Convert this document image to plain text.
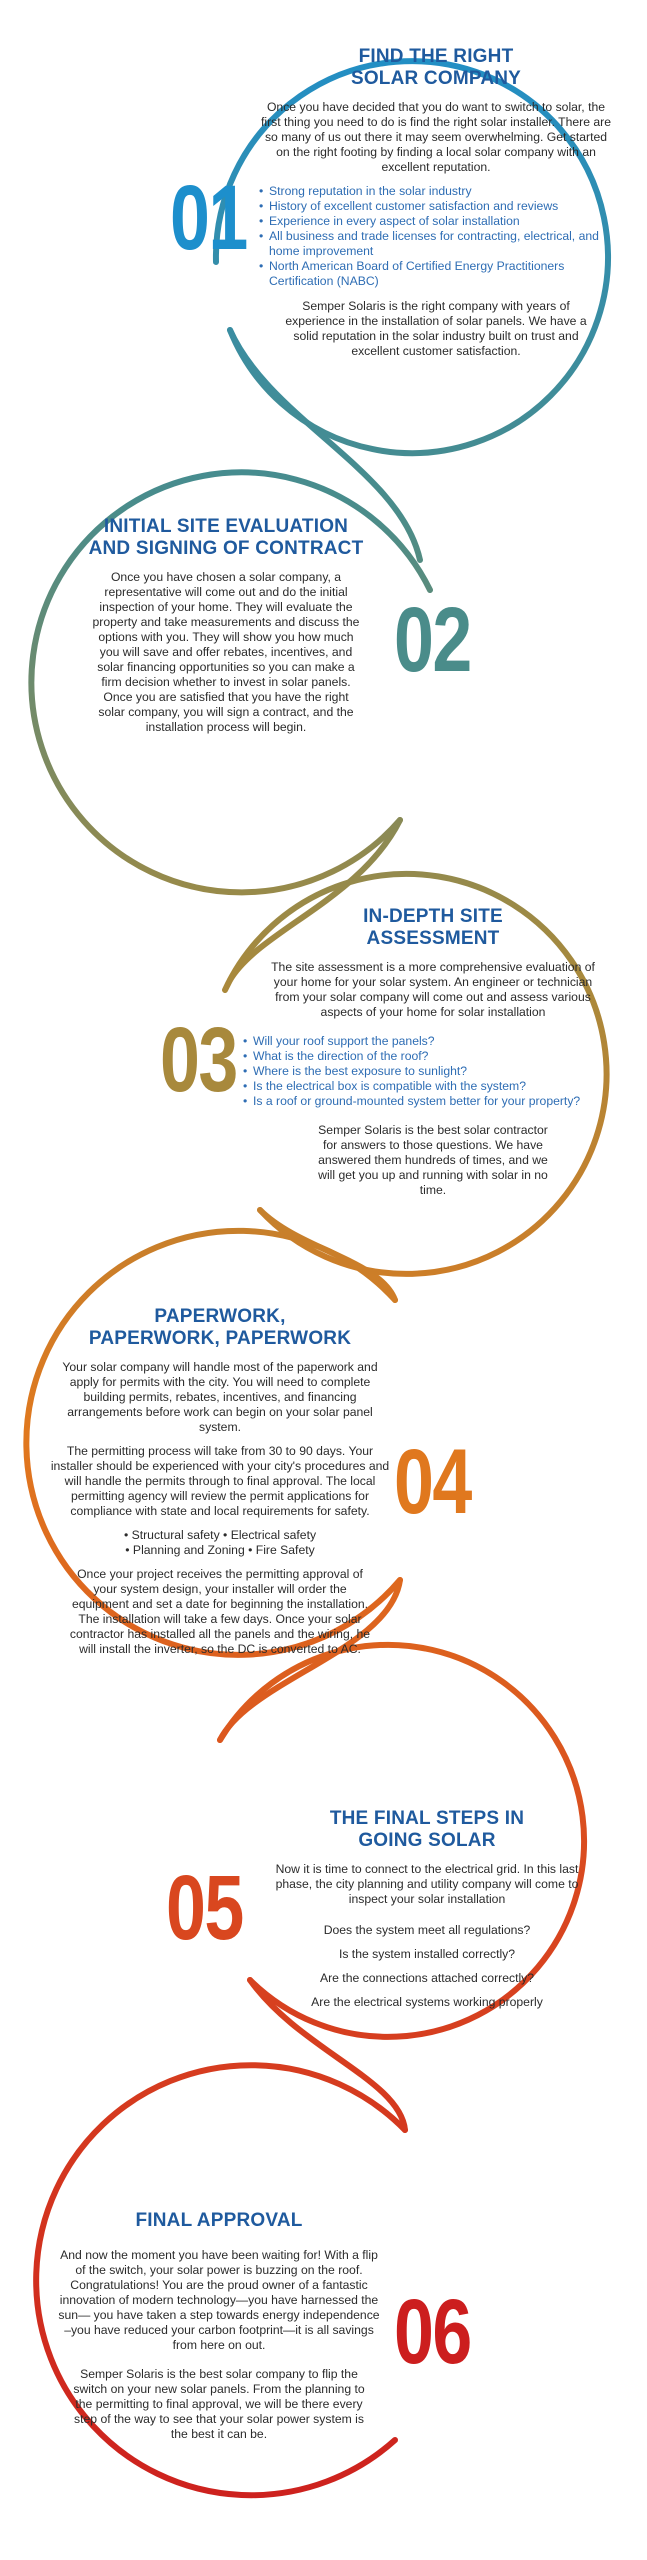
01
FIND THE RIGHT
SOLAR COMPANY

Once you have decided that you do want to switch to solar, the first thing you need to do is find the right solar installer. There are so many of us out there it may seem overwhelming. Get started on the right footing by finding a local solar company with an excellent reputation.

• Strong reputation in the solar industry
• History of excellent customer satisfaction and reviews
• Experience in every aspect of solar installation
• All business and trade licenses for contracting, electrical, and home improvement
• North American Board of Certified Energy Practitioners Certification (NABC)

Semper Solaris is the right company with years of experience in the installation of solar panels. We have a solid reputation in the solar industry built on trust and excellent customer satisfaction.

02
INITIAL SITE EVALUATION
AND SIGNING OF CONTRACT

Once you have chosen a solar company, a representative will come out and do the initial inspection of your home. They will evaluate the property and take measurements and discuss the options with you. They will show you how much you will save and offer rebates, incentives, and solar financing opportunities so you can make a firm decision whether to invest in solar panels. Once you are satisfied that you have the right solar company, you will sign a contract, and the installation process will begin.

03
IN-DEPTH SITE
ASSESSMENT

The site assessment is a more comprehensive evaluation of your home for your solar system. An engineer or technician from your solar company will come out and assess various aspects of your home for solar installation

• Will your roof support the panels?
• What is the direction of the roof?
• Where is the best exposure to sunlight?
• Is the electrical box is compatible with the system?
• Is a roof or ground-mounted system better for your property?

Semper Solaris is the best solar contractor for answers to those questions. We have answered them hundreds of times, and we will get you up and running with solar in no time.

04
PAPERWORK,
PAPERWORK, PAPERWORK

Your solar company will handle most of the paperwork and apply for permits with the city. You will need to complete building permits, rebates, incentives, and financing arrangements before work can begin on your solar panel system.

The permitting process will take from 30 to 90 days. Your installer should be experienced with your city's procedures and will handle the permits through to final approval. The local permitting agency will review the permit applications for compliance with state and local requirements for safety.

• Structural safety • Electrical safety

• Planning and Zoning • Fire Safety

Once your project receives the permitting approval of your system design, your installer will order the equipment and set a date for beginning the installation. The installation will take a few days. Once your solar contractor has installed all the panels and the wiring, he will install the inverter, so the DC is converted to AC.

05
THE FINAL STEPS IN
GOING SOLAR

Now it is time to connect to the electrical grid. In this last phase, the city planning and utility company will come to inspect your solar installation

Does the system meet all regulations?

Is the system installed correctly?

Are the connections attached correctly?

Are the electrical systems working properly

06
FINAL APPROVAL

And now the moment you have been waiting for! With a flip of the switch, your solar power is buzzing on the roof. Congratulations! You are the proud owner of a fantastic innovation of modern technology—you have harnessed the sun— you have taken a step towards energy independence –you have reduced your carbon footprint—it is all savings from here on out.

Semper Solaris is the best solar company to flip the switch on your new solar panels. From the planning to the permitting to final approval, we will be there every step of the way to see that your solar power system is the best it can be.
